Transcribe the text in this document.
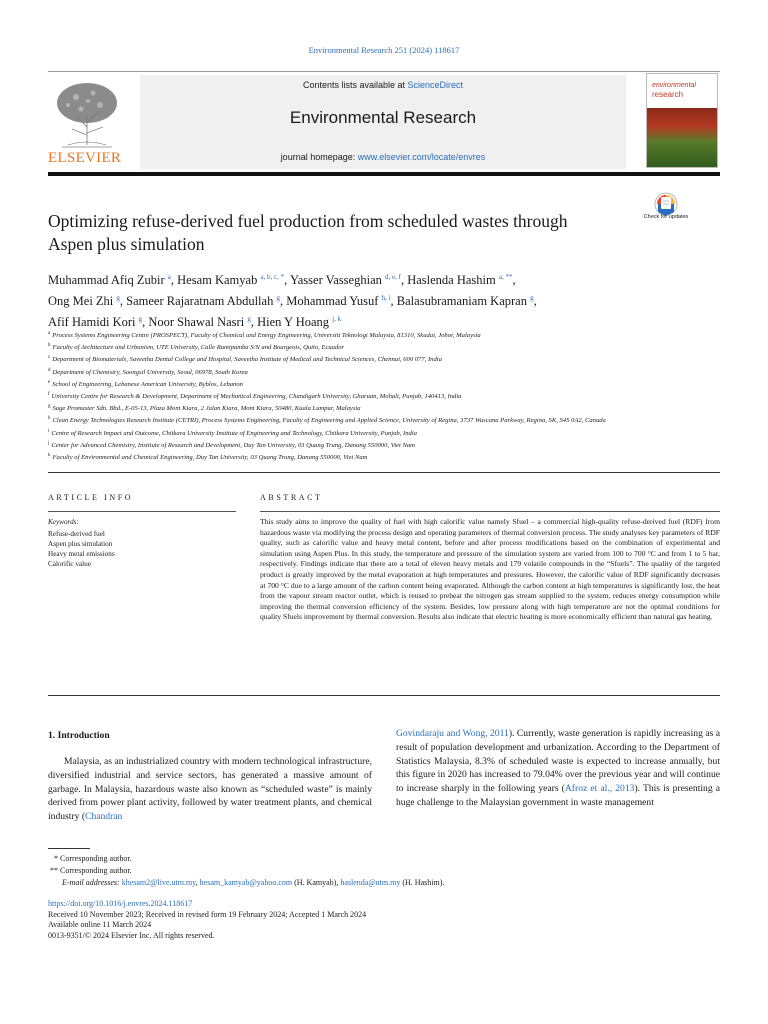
Environmental Research 251 (2024) 118617
ELSEVIER
Contents lists available at ScienceDirect
Environmental Research
journal homepage: www.elsevier.com/locate/envres
environmental
research
Optimizing refuse-derived fuel production from scheduled wastes through
Aspen plus simulation
Check for updates
Muhammad Afiq Zubir $^a$, Hesam Kamyab $^{a, b, c, *}$, Yasser Vasseghian $^{d, e, f}$, Haslenda Hashim $^{a, **}$,
Ong Mei Zhi $^g$, Sameer Rajaratnam Abdullah $^g$, Mohammad Yusuf $^{h, i}$, Balasubramaniam Kapran $^g$,
Afif Hamidi Kori $^g$, Noor Shawal Nasri $^g$, Hien Y Hoang $^{j, k}$
$^a$ Process Systems Engineering Centre (PROSPECT), Faculty of Chemical and Energy Engineering, Universiti Teknologi Malaysia, 81310, Skudai, Johor, Malaysia
$^b$ Faculty of Architecture and Urbanism, UTE University, Calle Rumipamba S/N and Bourgeois, Quito, Ecuador
$^c$ Department of Biomaterials, Saveetha Dental College and Hospital, Saveetha Institute of Medical and Technical Sciences, Chennai, 600 077, India
$^d$ Department of Chemistry, Soongsil University, Seoul, 06978, South Korea
$^e$ School of Engineering, Lebanese American University, Byblos, Lebanon
$^f$ University Centre for Research & Development, Department of Mechanical Engineering, Chandigarh University, Gharuan, Mohali, Punjab, 140413, India
$^g$ Sage Promaster Sdn. Bhd., E-05-13, Plaza Mont Kiara, 2 Jalan Kiara, Mont Kiara, 50480, Kuala Lumpur, Malaysia
$^h$ Clean Energy Technologies Research Institute (CETRI), Process Systems Engineering, Faculty of Engineering and Applied Science, University of Regina, 3737 Wascana Parkway, Regina, SK, S4S 0A2, Canada
$^i$ Centre of Research Impact and Outcome, Chitkara University Institute of Engineering and Technology, Chitkara University, Punjab, India
$^j$ Center for Advanced Chemistry, Institute of Research and Development, Duy Tan University, 03 Quang Trung, Danang 550000, Viet Nam
$^k$ Faculty of Environmental and Chemical Engineering, Duy Tan University, 03 Quang Trung, Danang 550000, Viet Nam
ARTICLE INFO	ABSTRACT
Keywords:
Refuse-derived fuel
Aspen plus simulation
Heavy metal emissions
Calorific value
This study aims to improve the quality of fuel with high calorific value namely Sfuel – a commercial high-quality refuse-derived fuel (RDF) from hazardous waste via modifying the process design and operating parameters of thermal conversion process. The study analyses key parameters of RDF quality, such as calorific value and heavy metal content, before and after process modifications based on the combination of experimental and simulation using Aspen Plus. In this study, the temperature and pressure of the simulation system are varied from 100 to 700 °C and from 1 to 5 bar, respectively. Findings indicate that there are a total of eleven heavy metals and 179 volatile compounds in the “Sfuels”. The quality of the targeted product is greatly improved by the metal evaporation at high temperatures and pressures. However, the calorific value of RDF significantly decreases at 700 °C due to a large amount of the carbon content being evaporated. Although the carbon content at high temperatures is significantly lost, the heat from the vapour stream reactor outlet, which is reused to preheat the nitrogen gas stream supplied to the system, reduces energy consumption while improving the thermal conversion efficiency of the system. Besides, low pressure along with high temperature are not the optimal conditions for quality Sfuels improvement by thermal conversion. Results also indicate that electric heating is more economically efficient than natural gas heating.
1. Introduction
Malaysia, as an industrialized country with modern technological infrastructure, diversified industrial and service sectors, has generated a massive amount of garbage. In Malaysia, hazardous waste also known as “scheduled waste” is mainly derived from power plant activity, followed by water treatment plants, and chemical industry (Chandran
Govindaraju and Wong, 2011). Currently, waste generation is rapidly increasing as a result of population development and urbanization. According to the Department of Statistics Malaysia, 8.3% of scheduled waste is expected to increase annually, but this figure in 2020 has increased to 79.04% over the previous year and will continue to increase sharply in the following years (Afroz et al., 2013). This is presenting a huge challenge to the Malaysian government in waste management
* Corresponding author.
** Corresponding author.
E-mail addresses: khesam2@live.utm.my, hesam_kamyab@yahoo.com (H. Kamyab), haslenda@utm.my (H. Hashim).
https://doi.org/10.1016/j.envres.2024.118617
Received 10 November 2023; Received in revised form 19 February 2024; Accepted 1 March 2024
Available online 11 March 2024
0013-9351/© 2024 Elsevier Inc. All rights reserved.
